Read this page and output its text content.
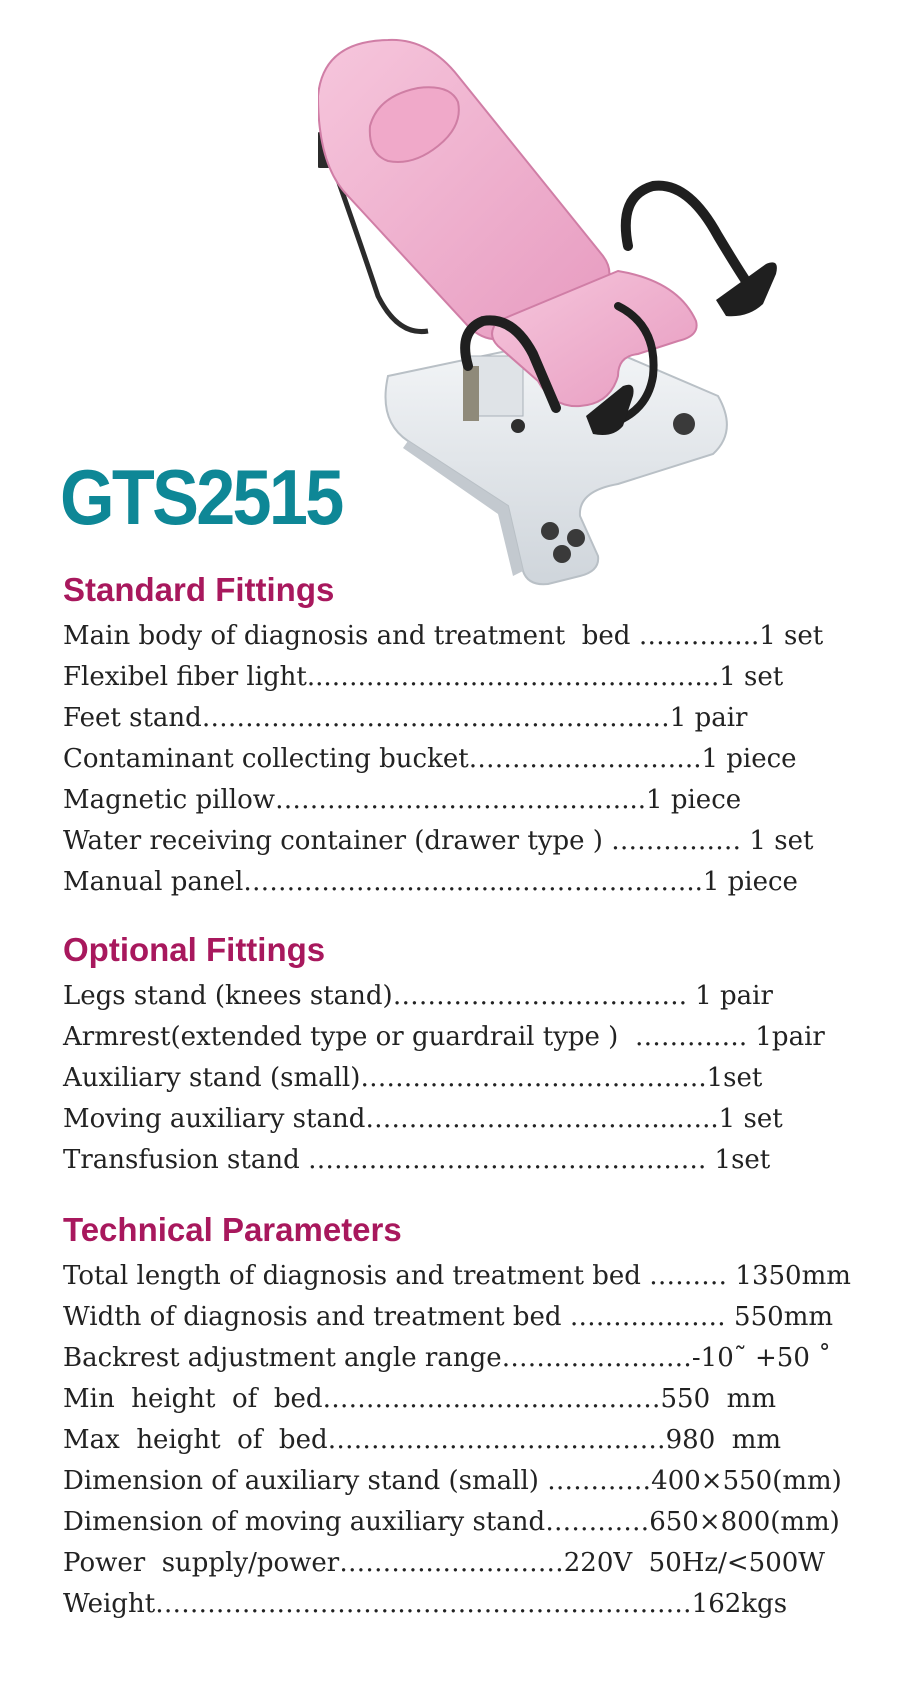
GTS2515
Standard Fittings
Main body of diagnosis and treatment  bed …………..1 set
Flexibel fiber light...….…………..……………………...1 set
Feet stand………………………………………………1 pair
Contaminant collecting bucket……………….……..1 piece
Magnetic pillow…………………………….……...1 piece
Water receiving container (drawer type ) …………… 1 set
Manual panel……………..................………….……..1 piece
Optional Fittings
Legs stand (knees stand)……………………………. 1 pair
Armrest(extended type or guardrail type )  …………. 1pair
Auxiliary stand (small)………………………………….1set
Moving auxiliary stand……………………………...…..1 set
Transfusion stand ………………………………………. 1set
Technical Parameters
Total length of diagnosis and treatment bed ……… 1350mm
Width of diagnosis and treatment bed ……………… 550mm
Backrest adjustment angle range…….……………-10˜ +50 ˚
Min  height  of  bed…………………………………550  mm
Max  height  of  bed…………………………………980  mm
Dimension of auxiliary stand (small) …………400×550(mm)
Dimension of moving auxiliary stand…………650×800(mm)
Power  supply/power………..……………220V  50Hz/<500W
Weight………………………..……………………………162kgs
